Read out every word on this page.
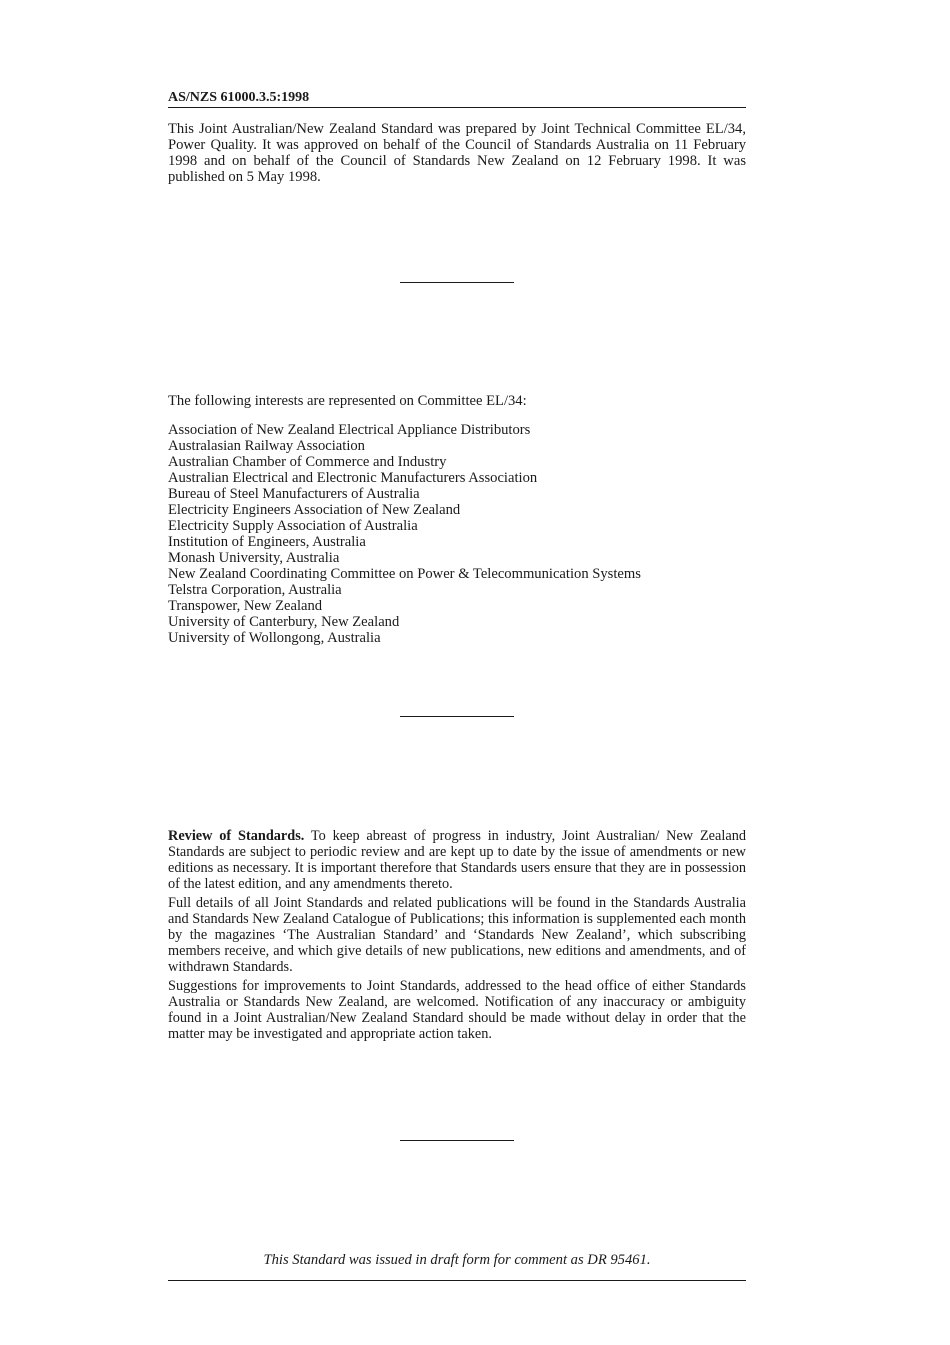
AS/NZS 61000.3.5:1998
This Joint Australian/New Zealand Standard was prepared by Joint Technical Committee EL/34, Power Quality. It was approved on behalf of the Council of Standards Australia on 11 February 1998 and on behalf of the Council of Standards New Zealand on 12 February 1998. It was published on 5 May 1998.
The following interests are represented on Committee EL/34:
Association of New Zealand Electrical Appliance Distributors
Australasian Railway Association
Australian Chamber of Commerce and Industry
Australian Electrical and Electronic Manufacturers Association
Bureau of Steel Manufacturers of Australia
Electricity Engineers Association of New Zealand
Electricity Supply Association of Australia
Institution of Engineers, Australia
Monash University, Australia
New Zealand Coordinating Committee on Power & Telecommunication Systems
Telstra Corporation, Australia
Transpower, New Zealand
University of Canterbury, New Zealand
University of Wollongong, Australia

Review of Standards. To keep abreast of progress in industry, Joint Australian/ New Zealand Standards are subject to periodic review and are kept up to date by the issue of amendments or new editions as necessary. It is important therefore that Standards users ensure that they are in possession of the latest edition, and any amendments thereto.

Full details of all Joint Standards and related publications will be found in the Standards Australia and Standards New Zealand Catalogue of Publications; this information is supplemented each month by the magazines ‘The Australian Standard’ and ‘Standards New Zealand’, which subscribing members receive, and which give details of new publications, new editions and amendments, and of withdrawn Standards.

Suggestions for improvements to Joint Standards, addressed to the head office of either Standards Australia or Standards New Zealand, are welcomed. Notification of any inaccuracy or ambiguity found in a Joint Australian/New Zealand Standard should be made without delay in order that the matter may be investigated and appropriate action taken.

This Standard was issued in draft form for comment as DR 95461.
